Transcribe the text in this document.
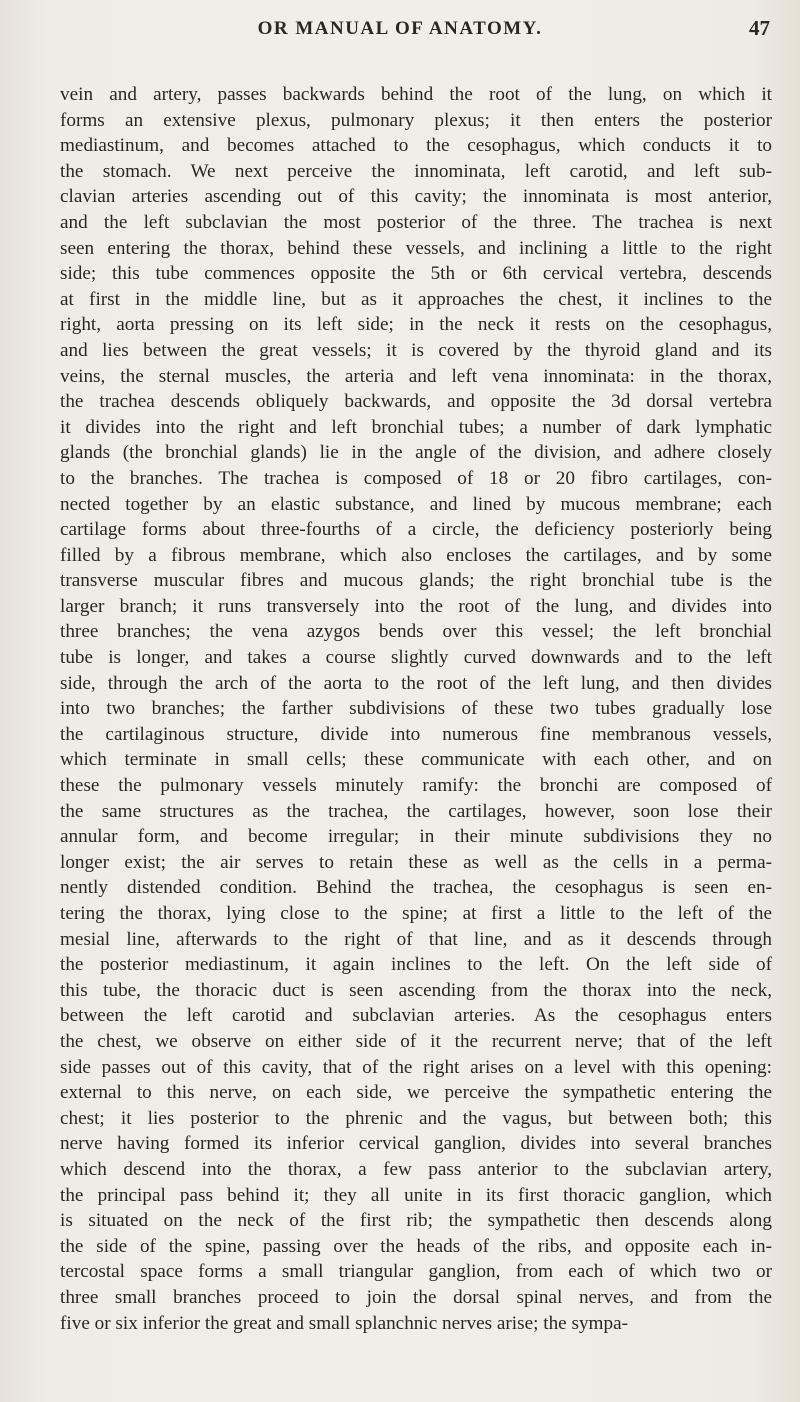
OR MANUAL OF ANATOMY.	47
vein and artery, passes backwards behind the root of the lung, on which it
forms an extensive plexus, pulmonary plexus; it then enters the posterior
mediastinum, and becomes attached to the cesophagus, which conducts it to
the stomach. We next perceive the innominata, left carotid, and left sub-
clavian arteries ascending out of this cavity; the innominata is most anterior,
and the left subclavian the most posterior of the three. The trachea is next
seen entering the thorax, behind these vessels, and inclining a little to the right
side; this tube commences opposite the 5th or 6th cervical vertebra, descends
at first in the middle line, but as it approaches the chest, it inclines to the
right, aorta pressing on its left side; in the neck it rests on the cesophagus,
and lies between the great vessels; it is covered by the thyroid gland and its
veins, the sternal muscles, the arteria and left vena innominata: in the thorax,
the trachea descends obliquely backwards, and opposite the 3d dorsal vertebra
it divides into the right and left bronchial tubes; a number of dark lymphatic
glands (the bronchial glands) lie in the angle of the division, and adhere closely
to the branches. The trachea is composed of 18 or 20 fibro cartilages, con-
nected together by an elastic substance, and lined by mucous membrane; each
cartilage forms about three-fourths of a circle, the deficiency posteriorly being
filled by a fibrous membrane, which also encloses the cartilages, and by some
transverse muscular fibres and mucous glands; the right bronchial tube is the
larger branch; it runs transversely into the root of the lung, and divides into
three branches; the vena azygos bends over this vessel; the left bronchial
tube is longer, and takes a course slightly curved downwards and to the left
side, through the arch of the aorta to the root of the left lung, and then divides
into two branches; the farther subdivisions of these two tubes gradually lose
the cartilaginous structure, divide into numerous fine membranous vessels,
which terminate in small cells; these communicate with each other, and on
these the pulmonary vessels minutely ramify: the bronchi are composed of
the same structures as the trachea, the cartilages, however, soon lose their
annular form, and become irregular; in their minute subdivisions they no
longer exist; the air serves to retain these as well as the cells in a perma-
nently distended condition. Behind the trachea, the cesophagus is seen en-
tering the thorax, lying close to the spine; at first a little to the left of the
mesial line, afterwards to the right of that line, and as it descends through
the posterior mediastinum, it again inclines to the left. On the left side of
this tube, the thoracic duct is seen ascending from the thorax into the neck,
between the left carotid and subclavian arteries. As the cesophagus enters
the chest, we observe on either side of it the recurrent nerve; that of the left
side passes out of this cavity, that of the right arises on a level with this opening:
external to this nerve, on each side, we perceive the sympathetic entering the
chest; it lies posterior to the phrenic and the vagus, but between both; this
nerve having formed its inferior cervical ganglion, divides into several branches
which descend into the thorax, a few pass anterior to the subclavian artery,
the principal pass behind it; they all unite in its first thoracic ganglion, which
is situated on the neck of the first rib; the sympathetic then descends along
the side of the spine, passing over the heads of the ribs, and opposite each in-
tercostal space forms a small triangular ganglion, from each of which two or
three small branches proceed to join the dorsal spinal nerves, and from the
five or six inferior the great and small splanchnic nerves arise; the sympa-
